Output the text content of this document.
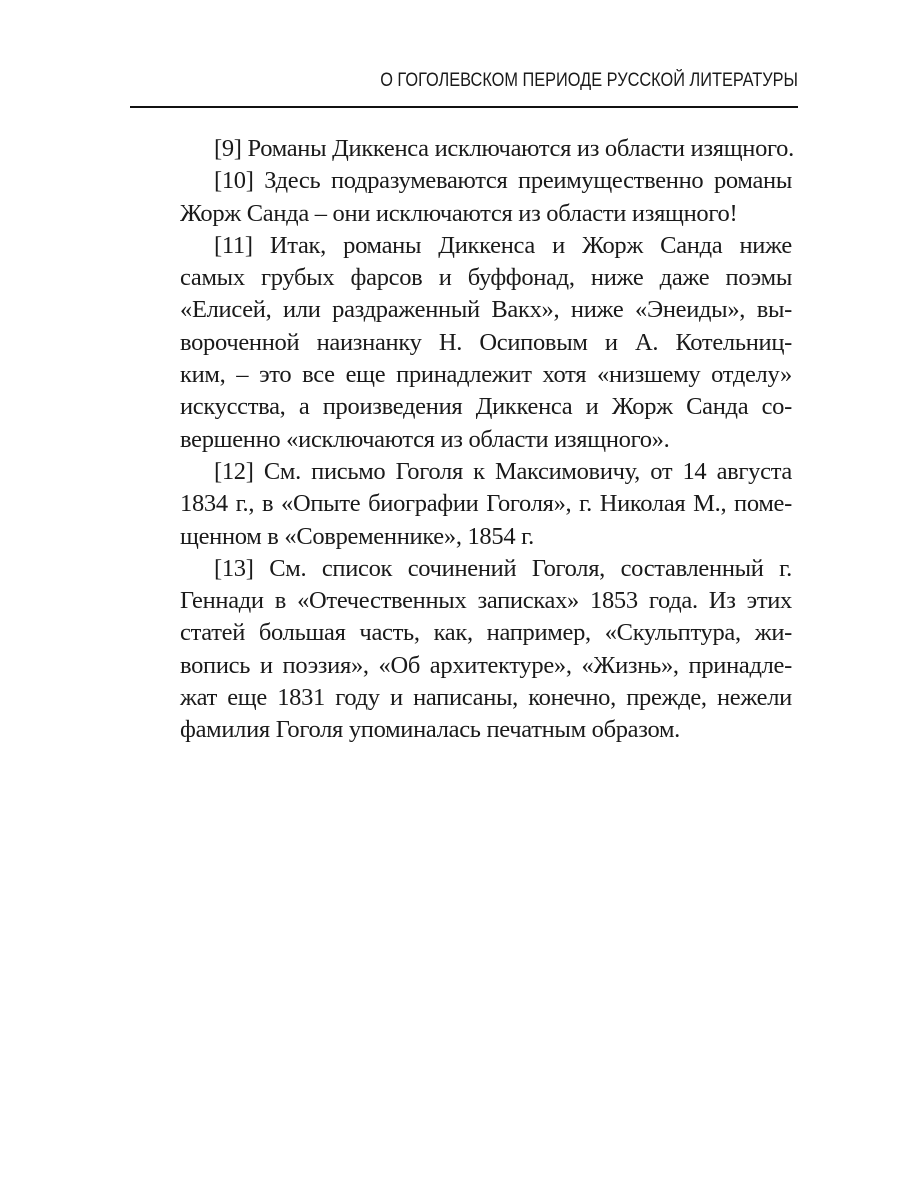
О ГОГОЛЕВСКОМ ПЕРИОДЕ РУССКОЙ ЛИТЕРАТУРЫ
[9] Романы Диккенса исключаются из области изящного.
[10] Здесь подразумеваются преимущественно романы
Жорж Санда – они исключаются из области изящного!
[11] Итак, романы Диккенса и Жорж Санда ниже
самых грубых фарсов и буффонад, ниже даже поэмы
«Елисей, или раздраженный Вакх», ниже «Энеиды», вы-
вороченной наизнанку Н. Осиповым и А. Котельниц-
ким, – это все еще принадлежит хотя «низшему отделу»
искусства, а произведения Диккенса и Жорж Санда со-
вершенно «исключаются из области изящного».
[12] См. письмо Гоголя к Максимовичу, от 14 августа
1834 г., в «Опыте биографии Гоголя», г. Николая М., поме-
щенном в «Современнике», 1854 г.
[13] См. список сочинений Гоголя, составленный г.
Геннади в «Отечественных записках» 1853 года. Из этих
статей большая часть, как, например, «Скульптура, жи-
вопись и поэзия», «Об архитектуре», «Жизнь», принадле-
жат еще 1831 году и написаны, конечно, прежде, нежели
фамилия Гоголя упоминалась печатным образом.
